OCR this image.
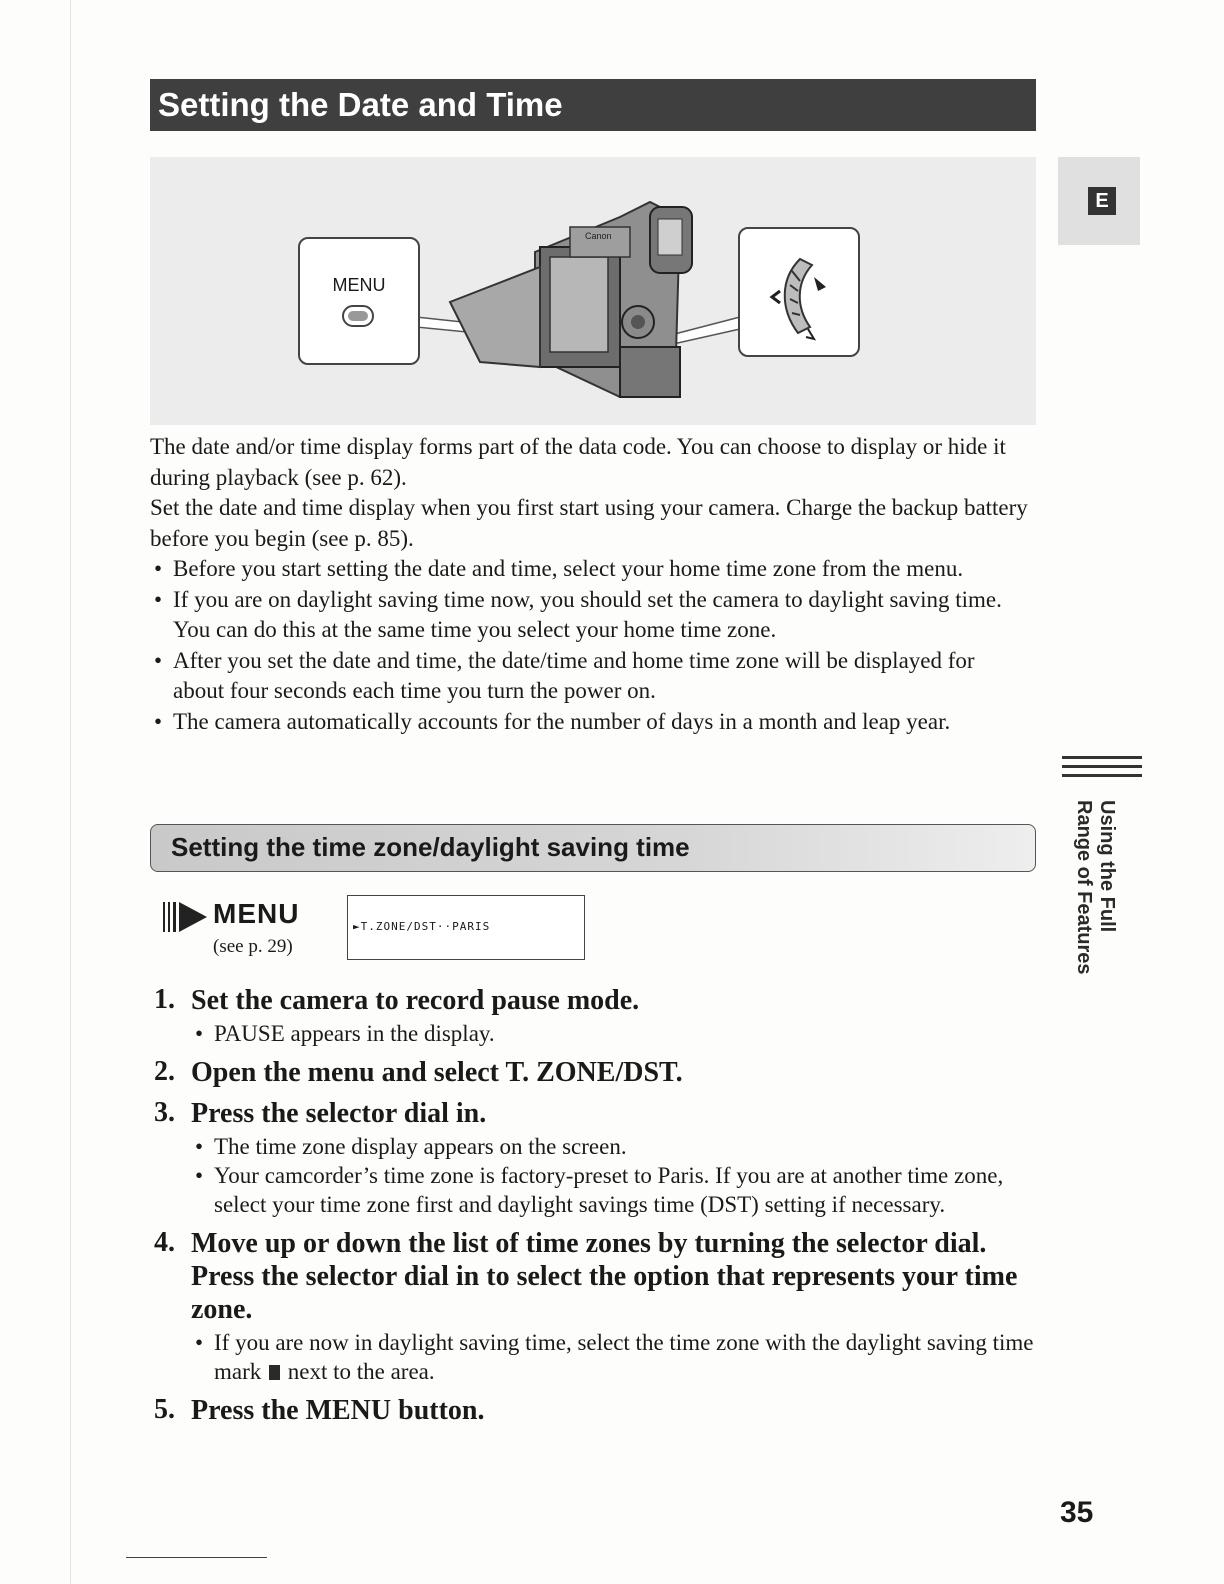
Setting the Date and Time
E
Canon
MENU

The date and/or time display forms part of the data code. You can choose to display or hide it during playback (see p. 62).

Set the date and time display when you first start using your camera. Charge the backup battery before you begin (see p. 85).

• Before you start setting the date and time, select your home time zone from the menu.
• If you are on daylight saving time now, you should set the camera to daylight saving time. You can do this at the same time you select your home time zone.
• After you set the date and time, the date/time and home time zone will be displayed for about four seconds each time you turn the power on.
• The camera automatically accounts for the number of days in a month and leap year.
Using the Full
Range of Features
Setting the time zone/daylight saving time
MENU
(see p. 29)
►T.ZONE/DST··PARIS
1. Set the camera to record pause mode.
• PAUSE appears in the display.
2. Open the menu and select T. ZONE/DST.
3. Press the selector dial in.
• The time zone display appears on the screen.
• Your camcorder’s time zone is factory-preset to Paris. If you are at another time zone, select your time zone first and daylight savings time (DST) setting if necessary.
4. Move up or down the list of time zones by turning the selector dial. Press the selector dial in to select the option that represents your time zone.
• If you are now in daylight saving time, select the time zone with the daylight saving time mark next to the area.
5. Press the MENU button.
35
